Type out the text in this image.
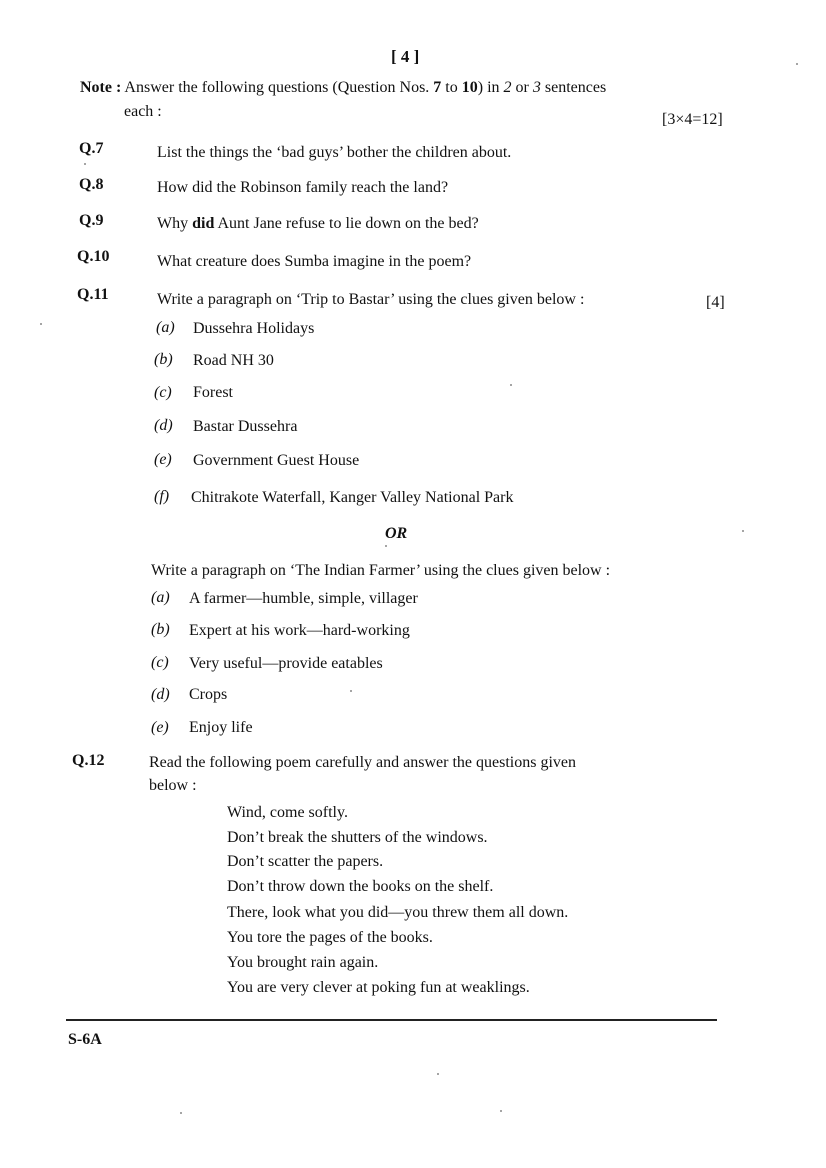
[ 4 ]
Note : Answer the following questions (Question Nos. 7 to 10) in 2 or 3 sentences
each :	[3×4=12]
Q.7	List the things the ‘bad guys’ bother the children about.
Q.8	How did the Robinson family reach the land?
Q.9	Why did Aunt Jane refuse to lie down on the bed?
Q.10	What creature does Sumba imagine in the poem?
Q.11	Write a paragraph on ‘Trip to Bastar’ using the clues given below :	[4]
(a) Dussehra Holidays
(b) Road NH 30
(c) Forest
(d) Bastar Dussehra
(e) Government Guest House
(f) Chitrakote Waterfall, Kanger Valley National Park
OR
Write a paragraph on ‘The Indian Farmer’ using the clues given below :
(a) A farmer—humble, simple, villager
(b) Expert at his work—hard-working
(c) Very useful—provide eatables
(d) Crops
(e) Enjoy life
Q.12	Read the following poem carefully and answer the questions given
below :
Wind, come softly.
Don’t break the shutters of the windows.
Don’t scatter the papers.
Don’t throw down the books on the shelf.
There, look what you did—you threw them all down.
You tore the pages of the books.
You brought rain again.
You are very clever at poking fun at weaklings.
S-6A
